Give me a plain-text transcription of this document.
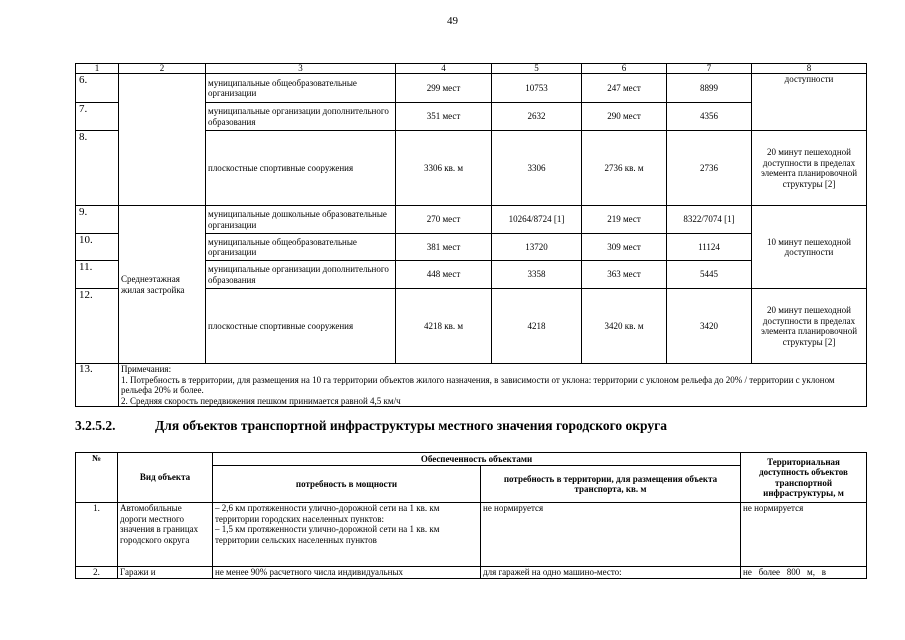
49
1	2	3	4	5	6	7	8
6.		муниципальные общеобразовательные организации	299 мест	10753	247 мест	8899	доступности
7.		муниципальные организации дополнительного образования	351 мест	2632	290 мест	4356	
8.		плоскостные спортивные сооружения	3306 кв. м	3306	2736 кв. м	2736	20 минут пешеходной доступности в пределах элемента планировочной структуры [2]
9.	Среднеэтажная жилая застройка	муниципальные дошкольные образовательные организации	270 мест	10264/8724 [1]	219 мест	8322/7074 [1]	10 минут пешеходной доступности
10.		муниципальные общеобразовательные организации	381 мест	13720	309 мест	11124	
11.		муниципальные организации дополнительного образования	448 мест	3358	363 мест	5445	
12.		плоскостные спортивные сооружения	4218 кв. м	4218	3420 кв. м	3420	20 минут пешеходной доступности в пределах элемента планировочной структуры [2]
13.	Примечания:
1. Потребность в территории, для размещения на 10 га территории объектов жилого назначения, в зависимости от уклона: территории с уклоном рельефа до 20% / территории с уклоном рельефа 20% и более.
2. Средняя скорость передвижения пешком принимается равной 4,5 км/ч						
3.2.5.2.	Для объектов транспортной инфраструктуры местного значения городского округа
№	Вид объекта	Обеспеченность объектами		Территориальная доступность объектов транспортной инфраструктуры, м
		потребность в мощности	потребность в территории, для размещения объекта транспорта, кв. м	
1.	Автомобильные дороги местного значения в границах городского округа	– 2,6 км протяженности улично-дорожной сети на 1 кв. км территории городских населенных пунктов:
– 1,5 км протяженности улично-дорожной сети на 1 кв. км территории сельских населенных пунктов	не нормируется	не нормируется
2.	Гаражи и	не менее 90% расчетного числа индивидуальных	для гаражей на одно машино-место:	не   более   800   м,   в
